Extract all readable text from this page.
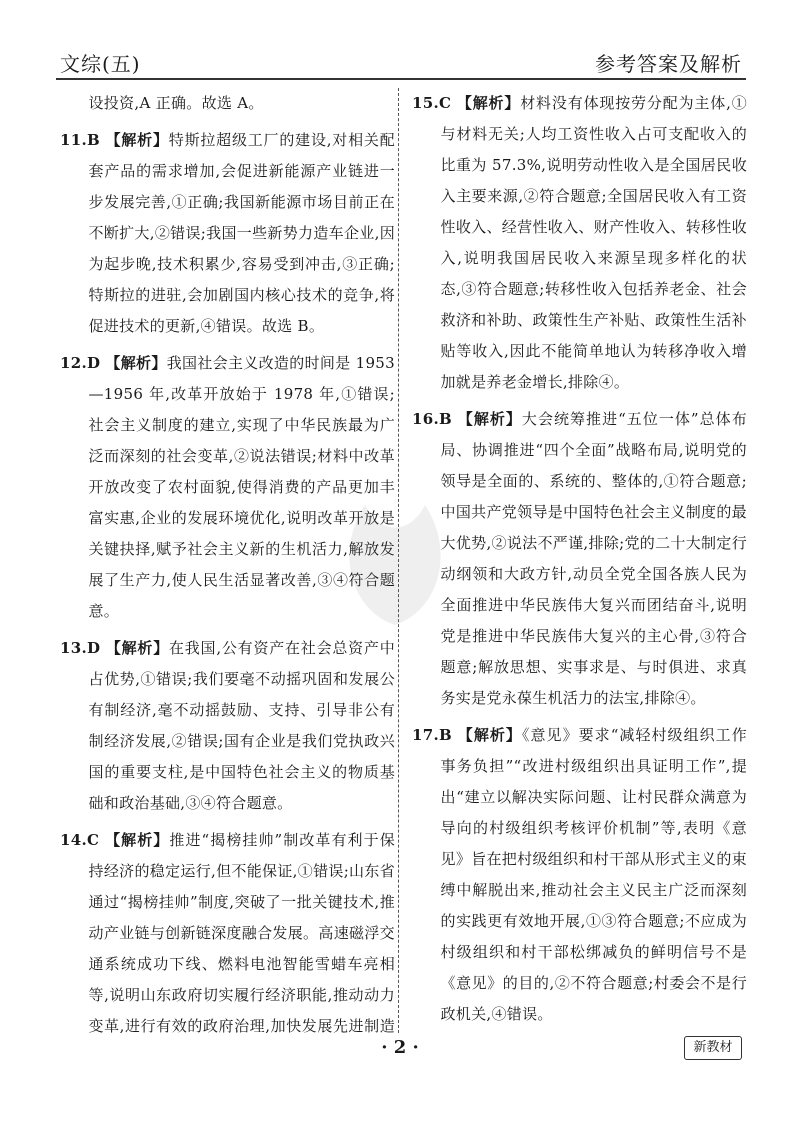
文综(五)	参考答案及解析
设投资,A 正确。故选 A。
11.B 【解析】特斯拉超级工厂的建设,对相关配套产品的需求增加,会促进新能源产业链进一步发展完善,①正确;我国新能源市场目前正在不断扩大,②错误;我国一些新势力造车企业,因为起步晚,技术积累少,容易受到冲击,③正确;特斯拉的进驻,会加剧国内核心技术的竞争,将促进技术的更新,④错误。故选 B。
12.D 【解析】我国社会主义改造的时间是 1953—1956 年,改革开放始于 1978 年,①错误;社会主义制度的建立,实现了中华民族最为广泛而深刻的社会变革,②说法错误;材料中改革开放改变了农村面貌,使得消费的产品更加丰富实惠,企业的发展环境优化,说明改革开放是关键抉择,赋予社会主义新的生机活力,解放发展了生产力,使人民生活显著改善,③④符合题意。
13.D 【解析】在我国,公有资产在社会总资产中占优势,①错误;我们要毫不动摇巩固和发展公有制经济,毫不动摇鼓励、支持、引导非公有制经济发展,②错误;国有企业是我们党执政兴国的重要支柱,是中国特色社会主义的物质基础和政治基础,③④符合题意。
14.C 【解析】推进“揭榜挂帅”制改革有利于保持经济的稳定运行,但不能保证,①错误;山东省通过“揭榜挂帅”制度,突破了一批关键技术,推动产业链与创新链深度融合发展。高速磁浮交通系统成功下线、燃料电池智能雪蜡车亮相等,说明山东政府切实履行经济职能,推动动力变革,进行有效的政府治理,加快发展先进制造
15.C 【解析】材料没有体现按劳分配为主体,①与材料无关;人均工资性收入占可支配收入的比重为 57.3%,说明劳动性收入是全国居民收入主要来源,②符合题意;全国居民收入有工资性收入、经营性收入、财产性收入、转移性收入,说明我国居民收入来源呈现多样化的状态,③符合题意;转移性收入包括养老金、社会救济和补助、政策性生产补贴、政策性生活补贴等收入,因此不能简单地认为转移净收入增加就是养老金增长,排除④。
16.B 【解析】大会统筹推进“五位一体”总体布局、协调推进“四个全面”战略布局,说明党的领导是全面的、系统的、整体的,①符合题意;中国共产党领导是中国特色社会主义制度的最大优势,②说法不严谨,排除;党的二十大制定行动纲领和大政方针,动员全党全国各族人民为全面推进中华民族伟大复兴而团结奋斗,说明党是推进中华民族伟大复兴的主心骨,③符合题意;解放思想、实事求是、与时俱进、求真务实是党永葆生机活力的法宝,排除④。
17.B 【解析】《意见》要求“减轻村级组织工作事务负担”“改进村级组织出具证明工作”,提出“建立以解决实际问题、让村民群众满意为导向的村级组织考核评价机制”等,表明《意见》旨在把村级组织和村干部从形式主义的束缚中解脱出来,推动社会主义民主广泛而深刻的实践更有效地开展,①③符合题意;不应成为村级组织和村干部松绑减负的鲜明信号不是《意见》的目的,②不符合题意;村委会不是行政机关,④错误。
· 2 ·	新教材
